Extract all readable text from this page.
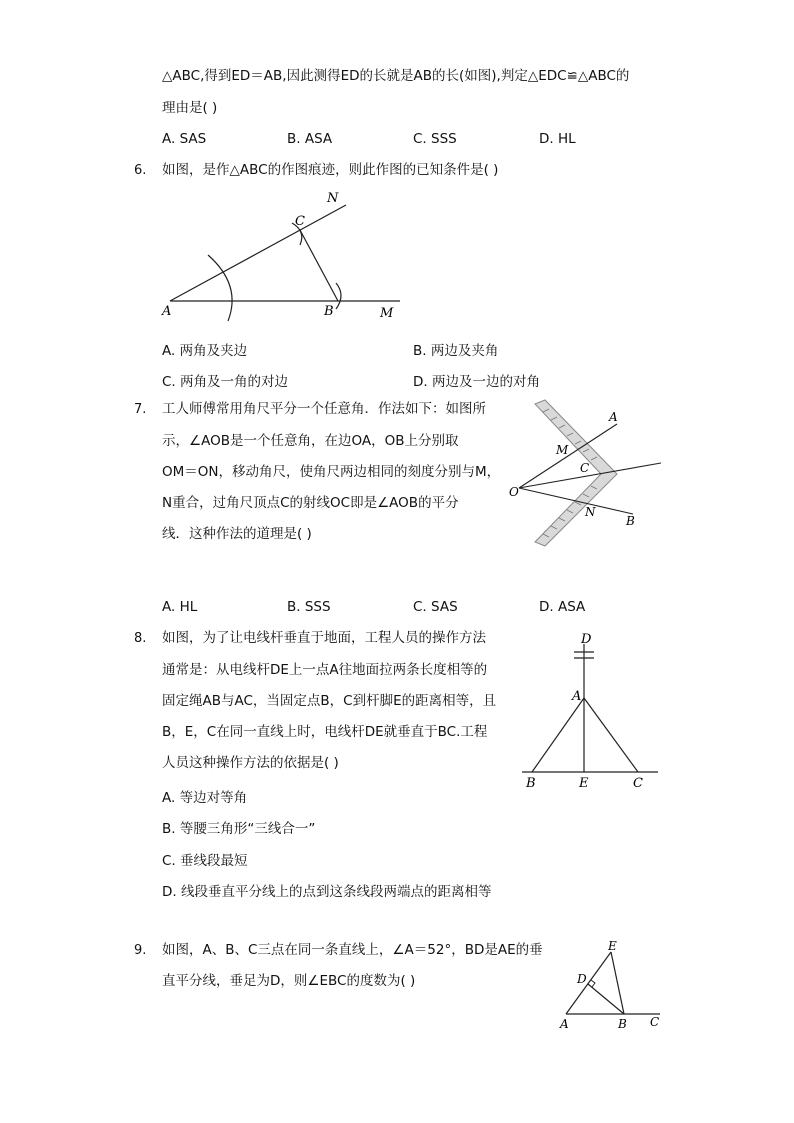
△ABC,得到ED＝AB,因此测得ED的长就是AB的长(如图),判定△EDC≌△ABC的
理由是( )
A. SAS	B. ASA	C. SSS	D. HL
6. 如图，是作△ABC的作图痕迹，则此作图的已知条件是( )
N
C
A	B	M
A. 两角及夹边	B. 两边及夹角
C. 两角及一角的对边	D. 两边及一边的对角
7. 工人师傅常用角尺平分一个任意角．作法如下：如图所
示，∠AOB是一个任意角，在边OA，OB上分别取
OM＝ON，移动角尺，使角尺两边相同的刻度分别与M，
N重合，过角尺顶点C的射线OC即是∠AOB的平分
线．这种作法的道理是( )
A
M
C
O
N
B
A. HL	B. SSS	C. SAS	D. ASA
8. 如图，为了让电线杆垂直于地面，工程人员的操作方法
通常是：从电线杆DE上一点A往地面拉两条长度相等的
固定绳AB与AC，当固定点B，C到杆脚E的距离相等，且
B，E，C在同一直线上时，电线杆DE就垂直于BC.工程
人员这种操作方法的依据是( )
D
A
B	E	C
A. 等边对等角
B. 等腰三角形“三线合一”
C. 垂线段最短
D. 线段垂直平分线上的点到这条线段两端点的距离相等
9. 如图，A、B、C三点在同一条直线上，∠A＝52°，BD是AE的垂
直平分线，垂足为D，则∠EBC的度数为( )
E
D
A	B C
